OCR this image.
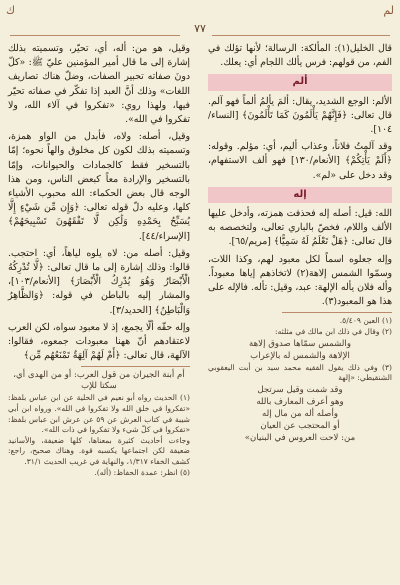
لم
ك
٧٧

قال الخليل(١): المألكة: الرسالة؛ لأنها تؤلك في الفم، من قولهم: فرس يألك اللجام أي: يعلك.

ألم

الألم: الوجع الشديد، يقال: ألمَ يألمُ ألماً فهو آلم. قال تعالى: ﴿فَإِنَّهُمْ يَأْلَمُونَ كَمَا تَأْلَمُونَ﴾ [النساء/١٠٤].

وقد آلمتُ فلاناً، وعذاب أليم، أي: مؤلم. وقوله: ﴿أَلَمْ يَأْتِكُمْ﴾ [الأنعام/١٣٠] فهو ألف الاستفهام، وقد دخل على «لم».

إله

الله: قيل: أصله إله فحذفت همزته، وأدخل عليها الألف واللام، فخصّ بالباري تعالى، ولتخصصه به قال تعالى: ﴿هَلْ تَعْلَمُ لَهُ سَمِيًّا﴾ [مريم/٦٥].

وإله جعلوه اسماً لكل معبود لهم، وكذا اللات، وسمّوا الشمس إلاهة(٢) لاتخاذهم إياها معبوداً. وأله فلان يأله الإلهة: عبد، وقيل: تأله. فالإله على هذا هو المعبود(٣).

(١) العين ٥/٤٠٩.
(٢) وقال في ذلك ابن مالك في مثلثه:
والشمس سمّاها صدوق إلاهة
الإلاهة والشمس له بالإعراب
(٣) وفي ذلك يقول الفقيه محمد سيد بن أبت اليعقوبي الشنقيطي: «إلهة
وقد شمت وقيل سرتجل
وهو أعرف المعارف بالله
وأصله أله من مال إله
أو المحتجب عن العيان
من: لاحت العروس في البنيان»

وقيل، هو من: أله، أي، تحيّر، وتسميته بذلك إشارة إلى ما قال أمير المؤمنين عليّ ﷺ: «كلّ دونَ صفاته تحبير الصفات، وضلّ هناك تصاريف اللغات» وذلك أنَّ العبد إذا تفكّر في صفاته تحيّر فيها، ولهذا روي: «تفكروا في آلاء الله، ولا تفكروا في الله».

وقيل، أصله: ولاه، فأبدل من الواو همزة، وتسميته بذلك لكون كل مخلوق والهاً نحوه؛ إمّا بالتسخير فقط كالجمادات والحيوانات، وإمّا بالتسخير والإرادة معاً كبعض الناس، ومن هذا الوجه قال بعض الحكماء: الله محبوب الأشياء كلها، وعليه دلّ قوله تعالى: ﴿وَإِن مِّن شَيْءٍ إِلَّا يُسَبِّحُ بِحَمْدِهِ وَلَٰكِن لَّا تَفْقَهُونَ تَسْبِيحَهُمْ﴾ [الإسراء/٤٤].

وقيل: أصله من: لاه يلوه لياهاً، أي: احتجب. قالوا: وذلك إشارة إلى ما قال تعالى: ﴿لَّا تُدْرِكُهُ الْأَبْصَارُ وَهُوَ يُدْرِكُ الْأَبْصَارَ﴾ [الأنعام/١٠٣]، والمشار إليه بالباطن في قوله: ﴿وَالظَّاهِرُ وَالْبَاطِنُ﴾ [الحديد/٣].

وإله حقّه ألّا يجمع، إذ لا معبود سواه، لكن العرب لاعتقادهم أنّ ههنا معبودات جمعوه، فقالوا: الآلهة، قال تعالى: ﴿أَمْ لَهُمْ آلِهَةٌ تَمْنَعُهُم مِّن﴾

أم أبنة الجيران من قول العرب: أو من الهدى أي، سكتا للإب
(١) الحديث رواه أبو نعيم في الحلية عن ابن عباس بلفظ: «تفكروا في خلق الله ولا تفكروا في الله». ورواه ابن أبي شيبة في كتاب العرش عن ٥٩ عن عرش ابن عباس بلفظ: «تفكروا في كلّ شيء ولا تفكروا في ذات الله».
وجاءت أحاديث كثيرة بمعناها، كلها ضعيفة، والأسانيد ضعيفة لكن اجتماعها يكسبه قوة. وهناك صحيح، راجع: كشف الخفاء ١/٣١٧، والنهاية في غريب الحديث ٣١/١.
(٥) انظر: عمدة الحفاظ: (أله).
